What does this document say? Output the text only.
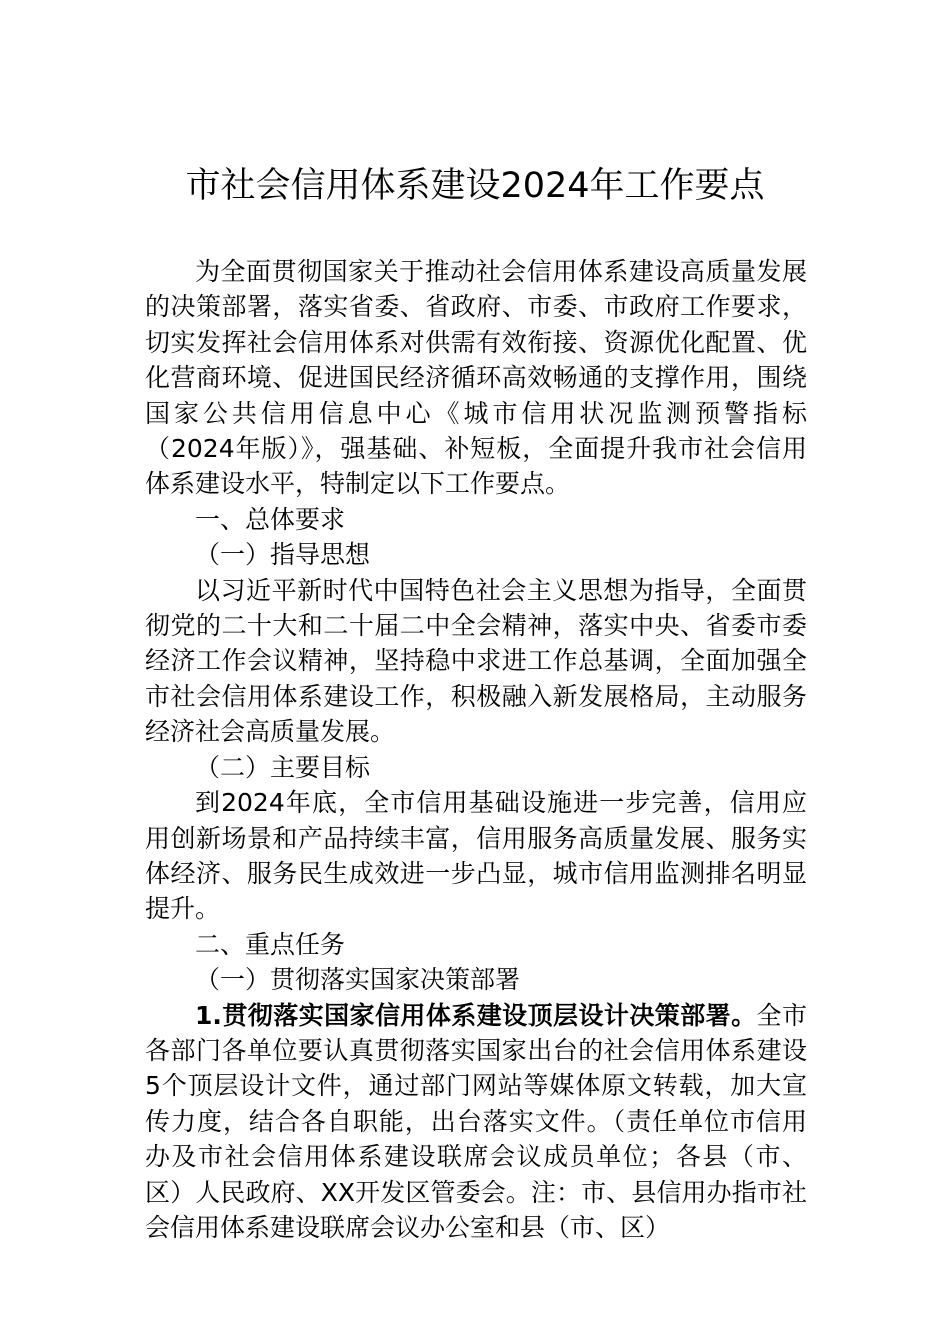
市社会信用体系建设2024年工作要点

为全面贯彻国家关于推动社会信用体系建设高质量发展的决策部署，落实省委、省政府、市委、市政府工作要求，切实发挥社会信用体系对供需有效衔接、资源优化配置、优化营商环境、促进国民经济循环高效畅通的支撑作用，围绕国家公共信用信息中心《城市信用状况监测预警指标（2024年版）》，强基础、补短板，全面提升我市社会信用体系建设水平，特制定以下工作要点。

一、总体要求

（一）指导思想

以习近平新时代中国特色社会主义思想为指导，全面贯彻党的二十大和二十届二中全会精神，落实中央、省委市委经济工作会议精神，坚持稳中求进工作总基调，全面加强全市社会信用体系建设工作，积极融入新发展格局，主动服务经济社会高质量发展。

（二）主要目标

到2024年底，全市信用基础设施进一步完善，信用应用创新场景和产品持续丰富，信用服务高质量发展、服务实体经济、服务民生成效进一步凸显，城市信用监测排名明显提升。

二、重点任务

（一）贯彻落实国家决策部署

1.贯彻落实国家信用体系建设顶层设计决策部署。全市各部门各单位要认真贯彻落实国家出台的社会信用体系建设5个顶层设计文件，通过部门网站等媒体原文转载，加大宣传力度，结合各自职能，出台落实文件。（责任单位市信用办及市社会信用体系建设联席会议成员单位；各县（市、区）人民政府、XX开发区管委会。注：市、县信用办指市社会信用体系建设联席会议办公室和县（市、区）
